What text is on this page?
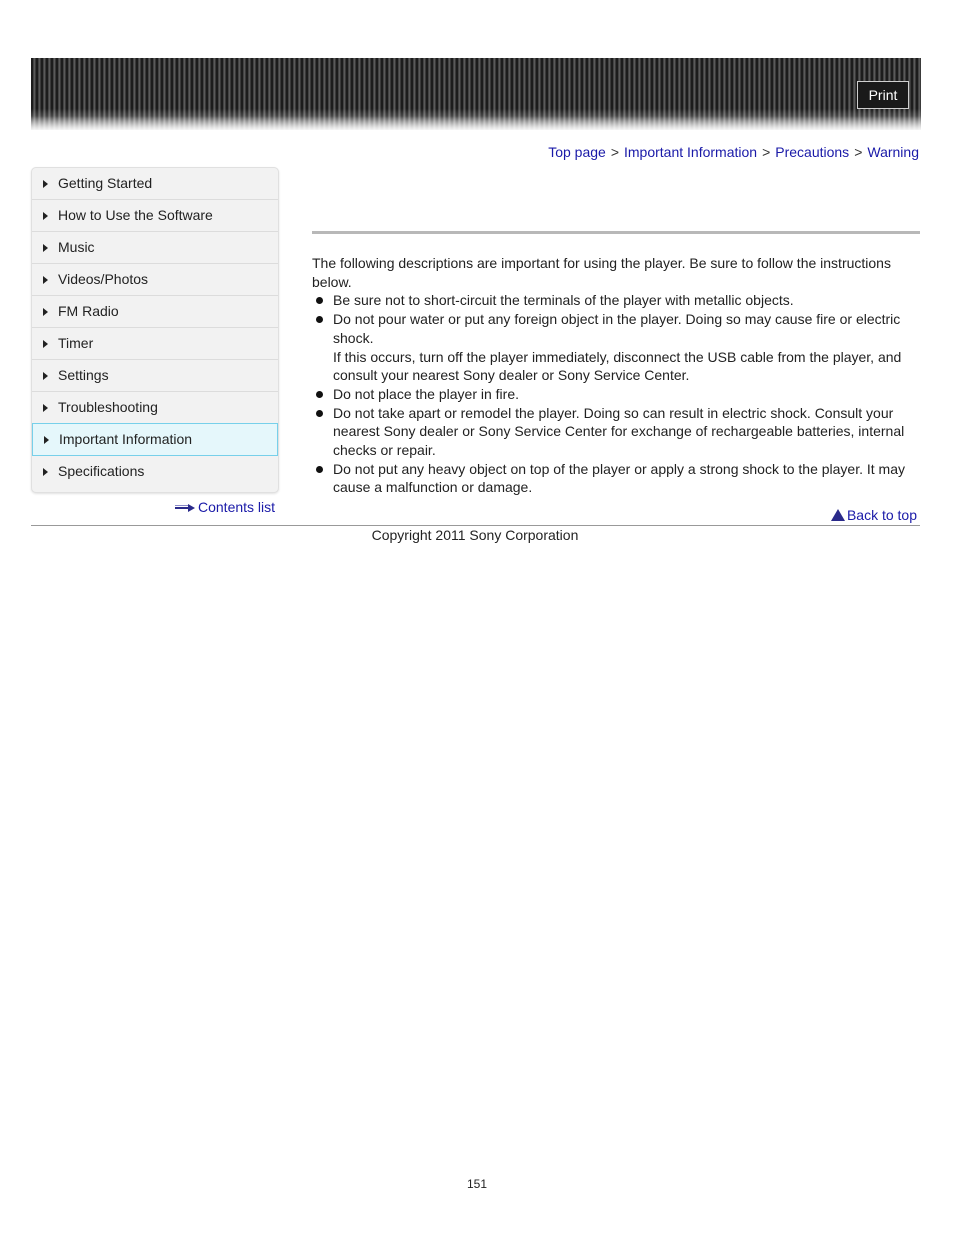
Print
Top page > Important Information > Precautions > Warning
Getting Started
How to Use the Software
Music
Videos/Photos
FM Radio
Timer
Settings
Troubleshooting
Important Information
Specifications
Contents list

The following descriptions are important for using the player. Be sure to follow the instructions below.

Be sure not to short-circuit the terminals of the player with metallic objects.
Do not pour water or put any foreign object in the player. Doing so may cause fire or electric shock.
If this occurs, turn off the player immediately, disconnect the USB cable from the player, and consult your nearest Sony dealer or Sony Service Center.
Do not place the player in fire.
Do not take apart or remodel the player. Doing so can result in electric shock. Consult your nearest Sony dealer or Sony Service Center for exchange of rechargeable batteries, internal checks or repair.
Do not put any heavy object on top of the player or apply a strong shock to the player. It may cause a malfunction or damage.
Back to top
Copyright 2011 Sony Corporation
151
